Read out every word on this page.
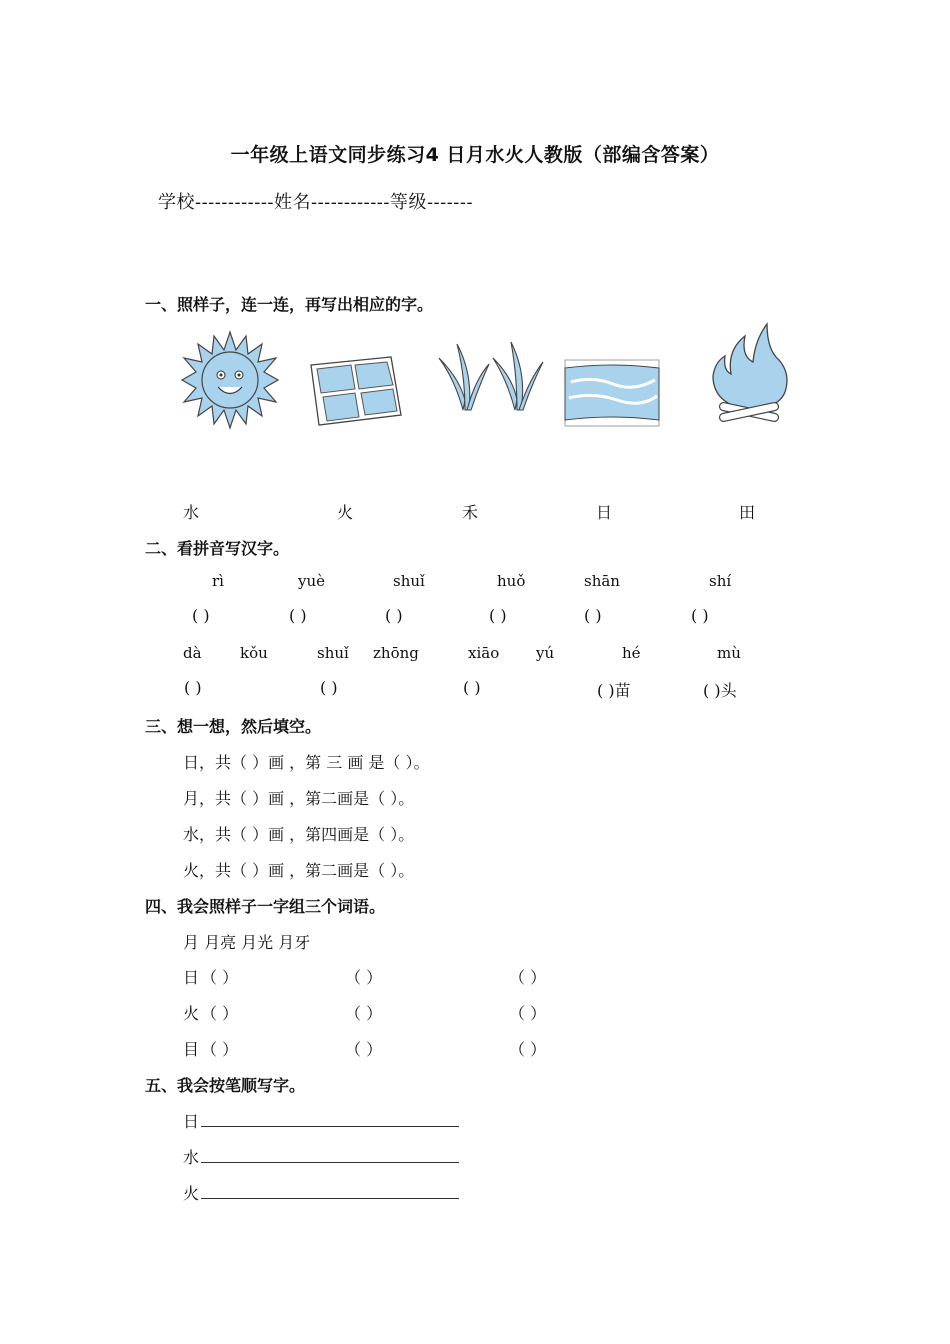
一年级上语文同步练习4 日月水火人教版（部编含答案）
学校------------姓名------------等级-------
一、照样子，连一连，再写出相应的字。
水	火	禾	日	田
二、看拼音写汉字。
rì	yuè	shuǐ	huǒ	shān	shí
( )	( )	( )	( )	( )	( )
dà	kǒu	shuǐ zhōng	xiāo yú	hé	mù
( )	( )	( )	( )苗	( )头
三、想一想，然后填空。
日，共（ ）画 ，第 三 画 是（ ）。
月，共（ ）画 ，第二画是（ ）。
水，共（ ）画 ，第四画是（ ）。
火，共（ ）画 ，第二画是（ ）。
四、我会照样子一字组三个词语。
月 月亮 月光 月牙
日 （ ）	（ ）	（ ）
火 （ ）	（ ）	（ ）
目 （ ）	（ ）	（ ）
五、我会按笔顺写字。
日
水
火
